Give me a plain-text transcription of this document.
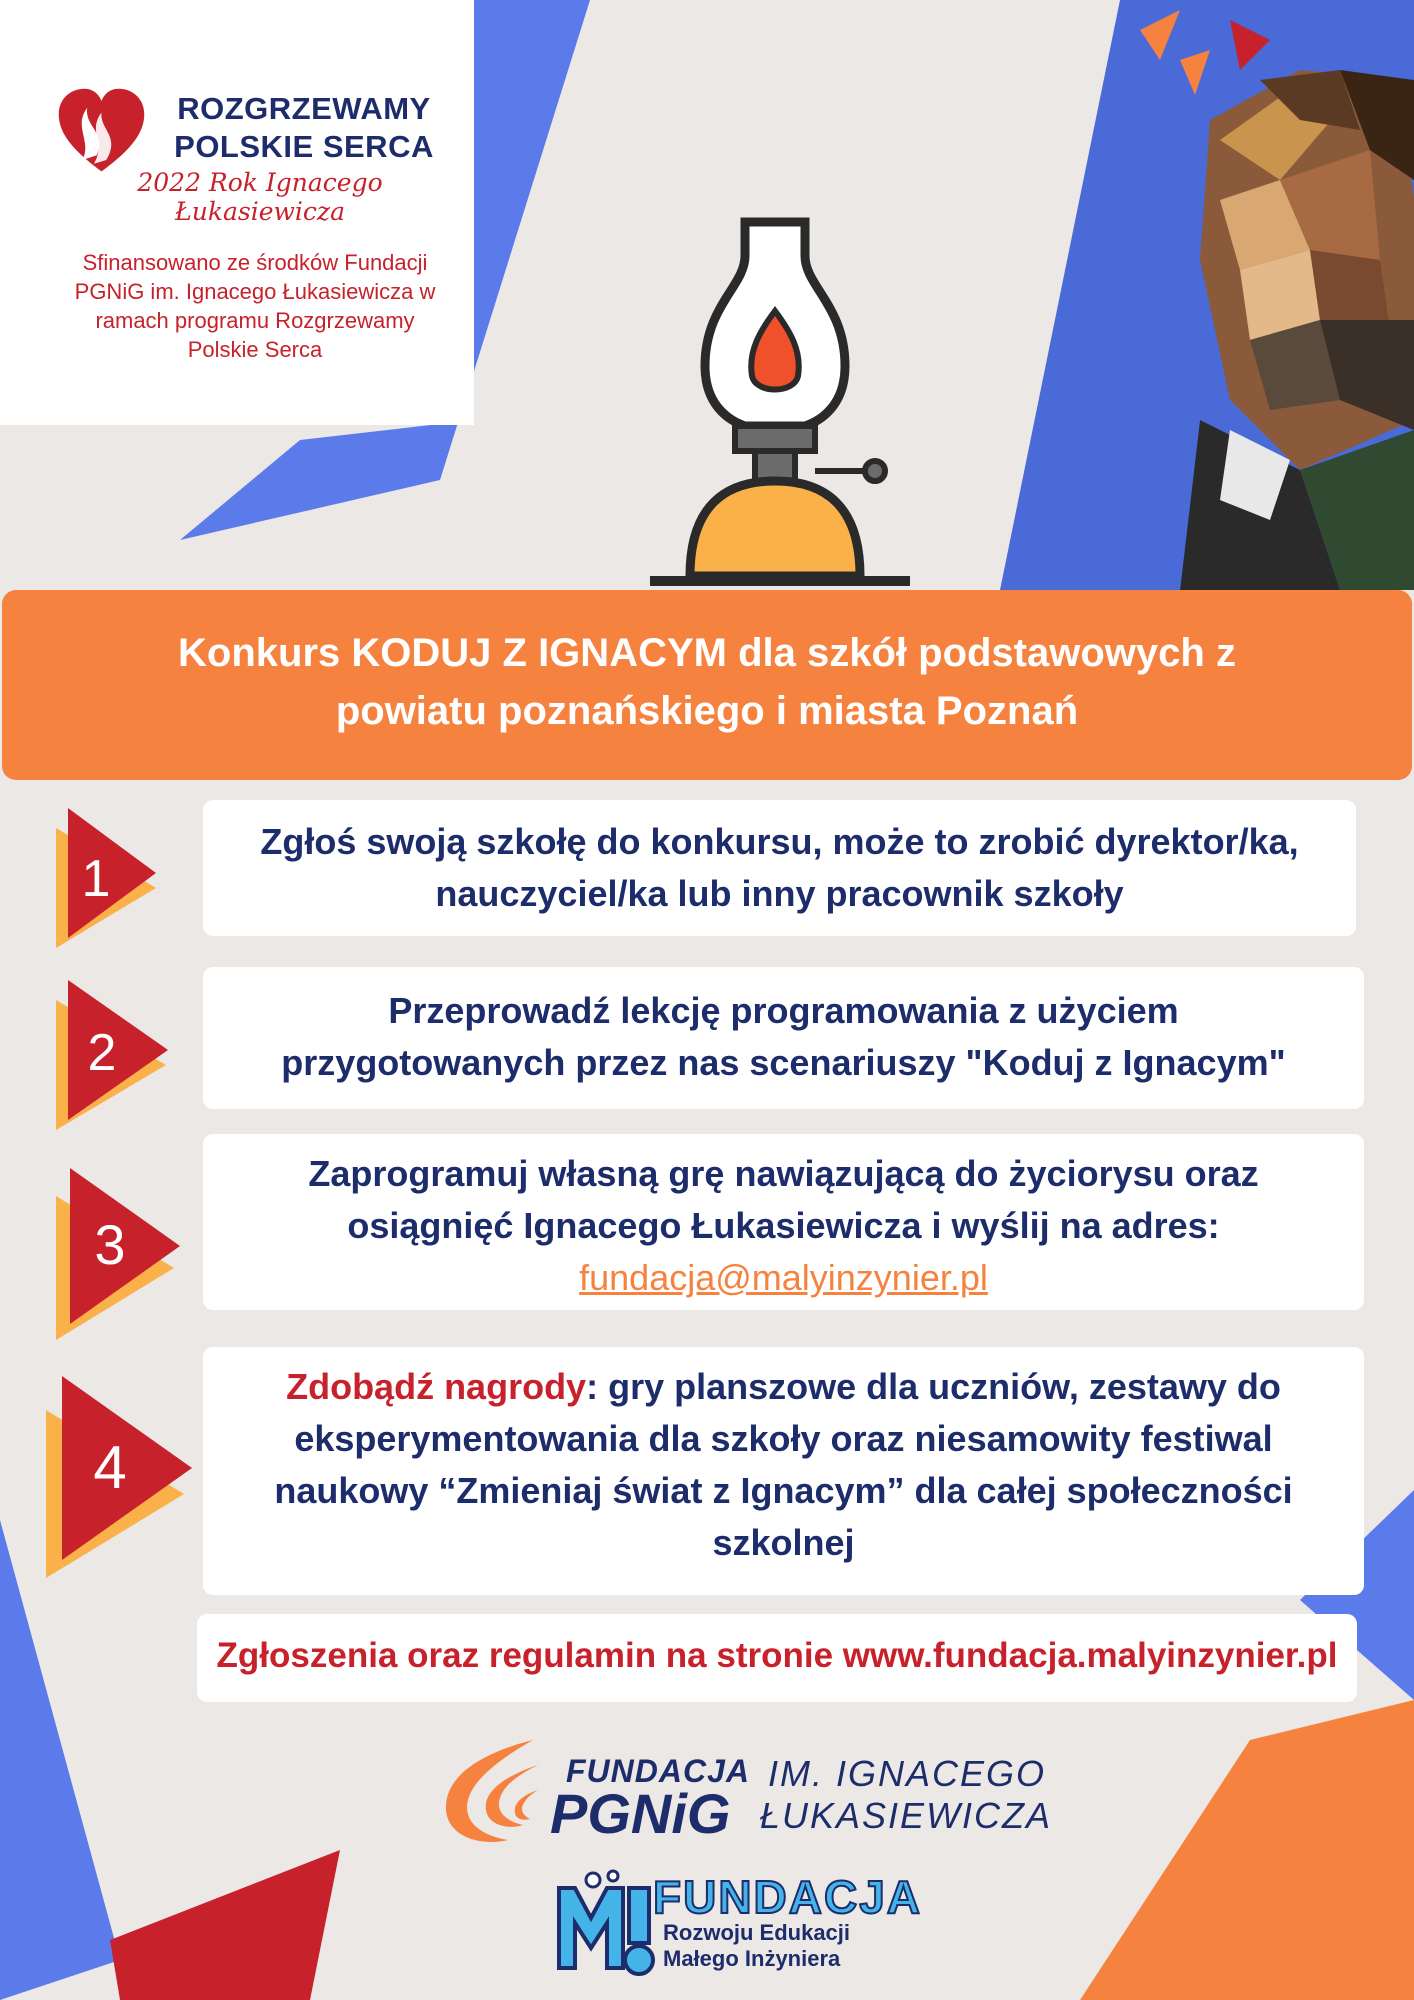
ROZGRZEWAMY
POLSKIE SERCA
2022 Rok Ignacego Łukasiewicza
Sfinansowano ze środków Fundacji
PGNiG im. Ignacego Łukasiewicza w
ramach programu Rozgrzewamy
Polskie Serca
Konkurs KODUJ Z IGNACYM dla szkół podstawowych z
powiatu poznańskiego i miasta Poznań
1
2
3
4
Zgłoś swoją szkołę do konkursu, może to zrobić dyrektor/ka,
nauczyciel/ka lub inny pracownik szkoły
Przeprowadź lekcję programowania z użyciem
przygotowanych przez nas scenariuszy "Koduj z Ignacym"
Zaprogramuj własną grę nawiązującą do życiorysu oraz
osiągnięć Ignacego Łukasiewicza i wyślij na adres:
fundacja@malyinzynier.pl
Zdobądź nagrody: gry planszowe dla uczniów, zestawy do
eksperymentowania dla szkoły oraz niesamowity festiwal
naukowy “Zmieniaj świat z Ignacym” dla całej społeczności
szkolnej
Zgłoszenia oraz regulamin na stronie www.fundacja.malyinzynier.pl
FUNDACJA
PGNiG
IM. IGNACEGO
ŁUKASIEWICZA
FUNDACJA
Rozwoju Edukacji
Małego Inżyniera
